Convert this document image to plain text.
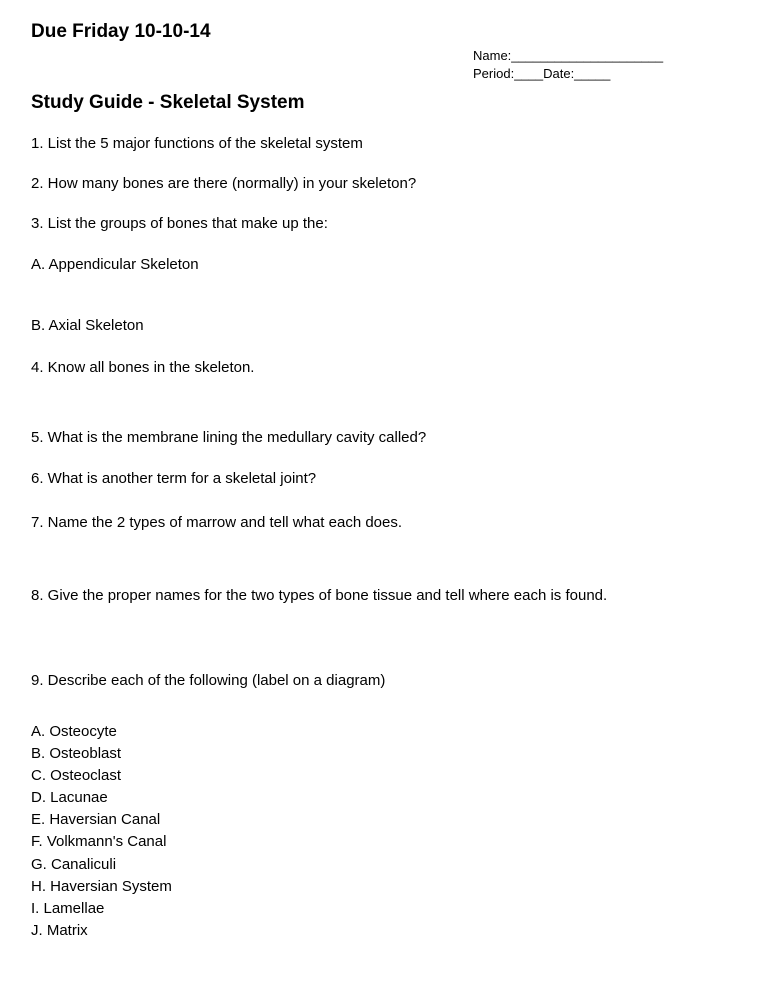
Due Friday 10-10-14
Name:_____________________
Period:____Date:_____
Study Guide - Skeletal System
1. List the 5 major functions of the skeletal system
2. How many bones are there (normally) in your skeleton?
3. List the groups of bones that make up the:
A. Appendicular Skeleton
B. Axial Skeleton
4. Know all bones in the skeleton.
5. What is the membrane lining the medullary cavity called?
6. What is another term for a skeletal joint?
7. Name the 2 types of marrow and tell what each does.
8. Give the proper names for the two types of bone tissue and tell where each is found.
9. Describe each of the following (label on a diagram)
A. Osteocyte
B. Osteoblast
C. Osteoclast
D. Lacunae
E. Haversian Canal
F. Volkmann's Canal
G. Canaliculi
H. Haversian System
I. Lamellae
J. Matrix
